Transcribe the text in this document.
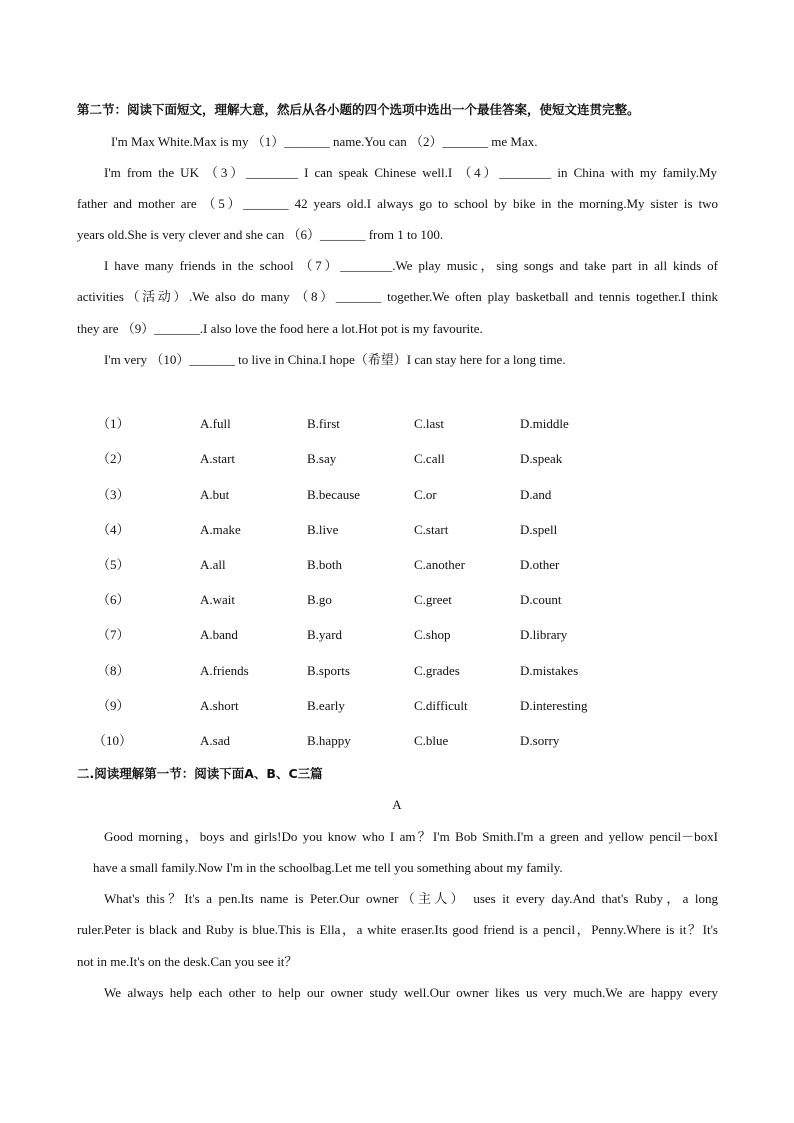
第二节：阅读下面短文，理解大意，然后从各小题的四个选项中选出一个最佳答案，使短文连贯完整。
I'm Max White.Max is my （1）_______ name.You can （2）_______ me Max.
I'm from the UK （3）________ I can speak Chinese well.I （4）________ in China with my family.My
father and mother are （5）_______ 42 years old.I always go to school by bike in the morning.My sister is two
years old.She is very clever and she can （6）_______ from 1 to 100.
I have many friends in the school （7）________.We play music，sing songs and take part in all kinds of
activities（活动）.We also do many （8）_______ together.We often play basketball and tennis together.I think
they are （9）_______.I also love the food here a lot.Hot pot is my favourite.
I'm very （10）_______ to live in China.I hope（希望）I can stay here for a long time.
（1）	A.full	B.first	C.last	D.middle
（2）	A.start	B.say	C.call	D.speak
（3）	A.but	B.because	C.or	D.and
（4）	A.make	B.live	C.start	D.spell
（5）	A.all	B.both	C.another	D.other
（6）	A.wait	B.go	C.greet	D.count
（7）	A.band	B.yard	C.shop	D.library
（8）	A.friends	B.sports	C.grades	D.mistakes
（9）	A.short	B.early	C.difficult	D.interesting
（10）	A.sad	B.happy	C.blue	D.sorry
二.阅读理解第一节：阅读下面A、B、C三篇
A
Good morning，boys and girls!Do you know who I am？I'm Bob Smith.I'm a green and yellow pencil－boxI
have a small family.Now I'm in the schoolbag.Let me tell you something about my family.
What's this？It's a pen.Its name is Peter.Our owner（主人） uses it every day.And that's Ruby，a long
ruler.Peter is black and Ruby is blue.This is Ella，a white eraser.Its good friend is a pencil，Penny.Where is it？It's
not in me.It's on the desk.Can you see it？
We always help each other to help our owner study well.Our owner likes us very much.We are happy every
